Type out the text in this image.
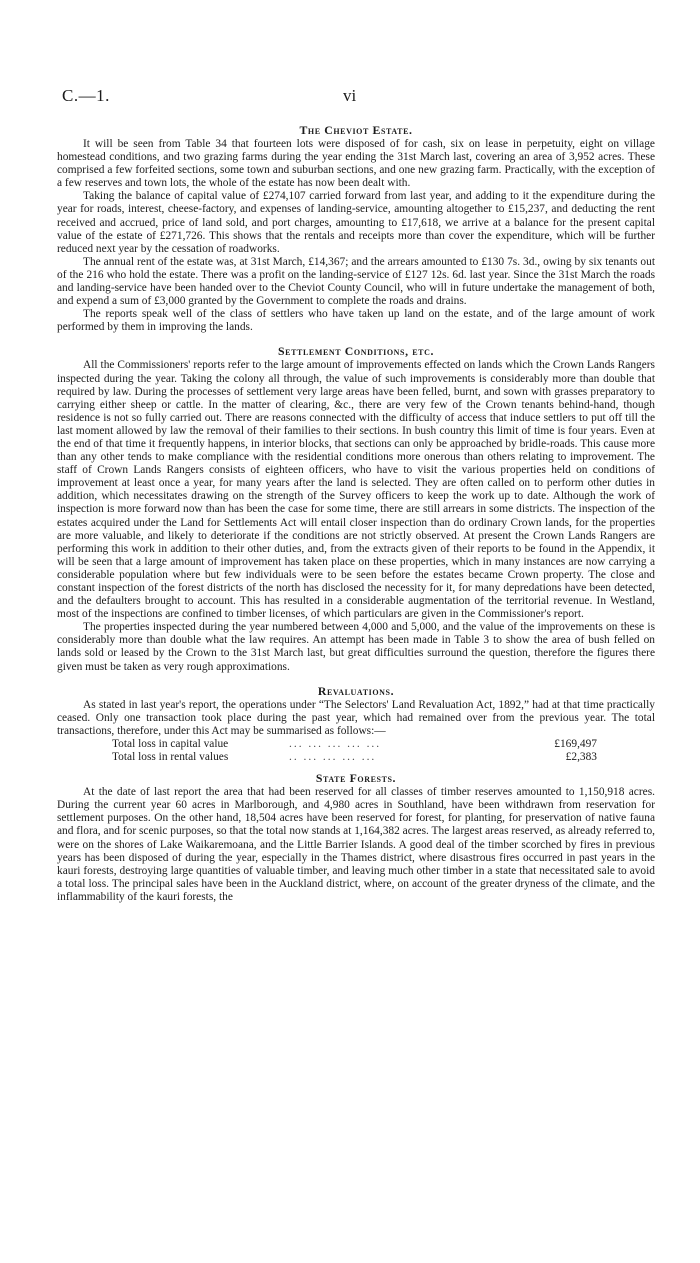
C.—1.	vi
The Cheviot Estate.

It will be seen from Table 34 that fourteen lots were disposed of for cash, six on lease in perpetuity, eight on village homestead conditions, and two grazing farms during the year ending the 31st March last, covering an area of 3,952 acres. These comprised a few forfeited sections, some town and suburban sections, and one new grazing farm. Practically, with the exception of a few reserves and town lots, the whole of the estate has now been dealt with.

Taking the balance of capital value of £274,107 carried forward from last year, and adding to it the expenditure during the year for roads, interest, cheese-factory, and expenses of landing-service, amounting altogether to £15,237, and deducting the rent received and accrued, price of land sold, and port charges, amounting to £17,618, we arrive at a balance for the present capital value of the estate of £271,726. This shows that the rentals and receipts more than cover the expenditure, which will be further reduced next year by the cessation of roadworks.

The annual rent of the estate was, at 31st March, £14,367; and the arrears amounted to £130 7s. 3d., owing by six tenants out of the 216 who hold the estate. There was a profit on the landing-service of £127 12s. 6d. last year. Since the 31st March the roads and landing-service have been handed over to the Cheviot County Council, who will in future undertake the management of both, and expend a sum of £3,000 granted by the Government to complete the roads and drains.

The reports speak well of the class of settlers who have taken up land on the estate, and of the large amount of work performed by them in improving the lands.

Settlement Conditions, etc.

All the Commissioners' reports refer to the large amount of improvements effected on lands which the Crown Lands Rangers inspected during the year. Taking the colony all through, the value of such improvements is considerably more than double that required by law. During the processes of settlement very large areas have been felled, burnt, and sown with grasses preparatory to carrying either sheep or cattle. In the matter of clearing, &c., there are very few of the Crown tenants behind-hand, though residence is not so fully carried out. There are reasons connected with the difficulty of access that induce settlers to put off till the last moment allowed by law the removal of their families to their sections. In bush country this limit of time is four years. Even at the end of that time it frequently happens, in interior blocks, that sections can only be approached by bridle-roads. This cause more than any other tends to make compliance with the residential conditions more onerous than others relating to improvement. The staff of Crown Lands Rangers consists of eighteen officers, who have to visit the various properties held on conditions of improvement at least once a year, for many years after the land is selected. They are often called on to perform other duties in addition, which necessitates drawing on the strength of the Survey officers to keep the work up to date. Although the work of inspection is more forward now than has been the case for some time, there are still arrears in some districts. The inspection of the estates acquired under the Land for Settlements Act will entail closer inspection than do ordinary Crown lands, for the properties are more valuable, and likely to deteriorate if the conditions are not strictly observed. At present the Crown Lands Rangers are performing this work in addition to their other duties, and, from the extracts given of their reports to be found in the Appendix, it will be seen that a large amount of improvement has taken place on these properties, which in many instances are now carrying a considerable population where but few individuals were to be seen before the estates became Crown property. The close and constant inspection of the forest districts of the north has disclosed the necessity for it, for many depredations have been detected, and the defaulters brought to account. This has resulted in a considerable augmentation of the territorial revenue. In Westland, most of the inspections are confined to timber licenses, of which particulars are given in the Commissioner's report.

The properties inspected during the year numbered between 4,000 and 5,000, and the value of the improvements on these is considerably more than double what the law requires. An attempt has been made in Table 3 to show the area of bush felled on lands sold or leased by the Crown to the 31st March last, but great difficulties surround the question, therefore the figures there given must be taken as very rough approximations.

Revaluations.

As stated in last year's report, the operations under “The Selectors' Land Revaluation Act, 1892,” had at that time practically ceased. Only one transaction took place during the past year, which had remained over from the previous year. The total transactions, therefore, under this Act may be summarised as follows:—

Total loss in capital value	... ... ... ... ...	£169,497
Total loss in rental values	.. ... ... ... ...	£2,383
State Forests.

At the date of last report the area that had been reserved for all classes of timber reserves amounted to 1,150,918 acres. During the current year 60 acres in Marlborough, and 4,980 acres in Southland, have been withdrawn from reservation for settlement purposes. On the other hand, 18,504 acres have been reserved for forest, for planting, for preservation of native fauna and flora, and for scenic purposes, so that the total now stands at 1,164,382 acres. The largest areas reserved, as already referred to, were on the shores of Lake Waikaremoana, and the Little Barrier Islands. A good deal of the timber scorched by fires in previous years has been disposed of during the year, especially in the Thames district, where disastrous fires occurred in past years in the kauri forests, destroying large quantities of valuable timber, and leaving much other timber in a state that necessitated sale to avoid a total loss. The principal sales have been in the Auckland district, where, on account of the greater dryness of the climate, and the inflammability of the kauri forests, the
